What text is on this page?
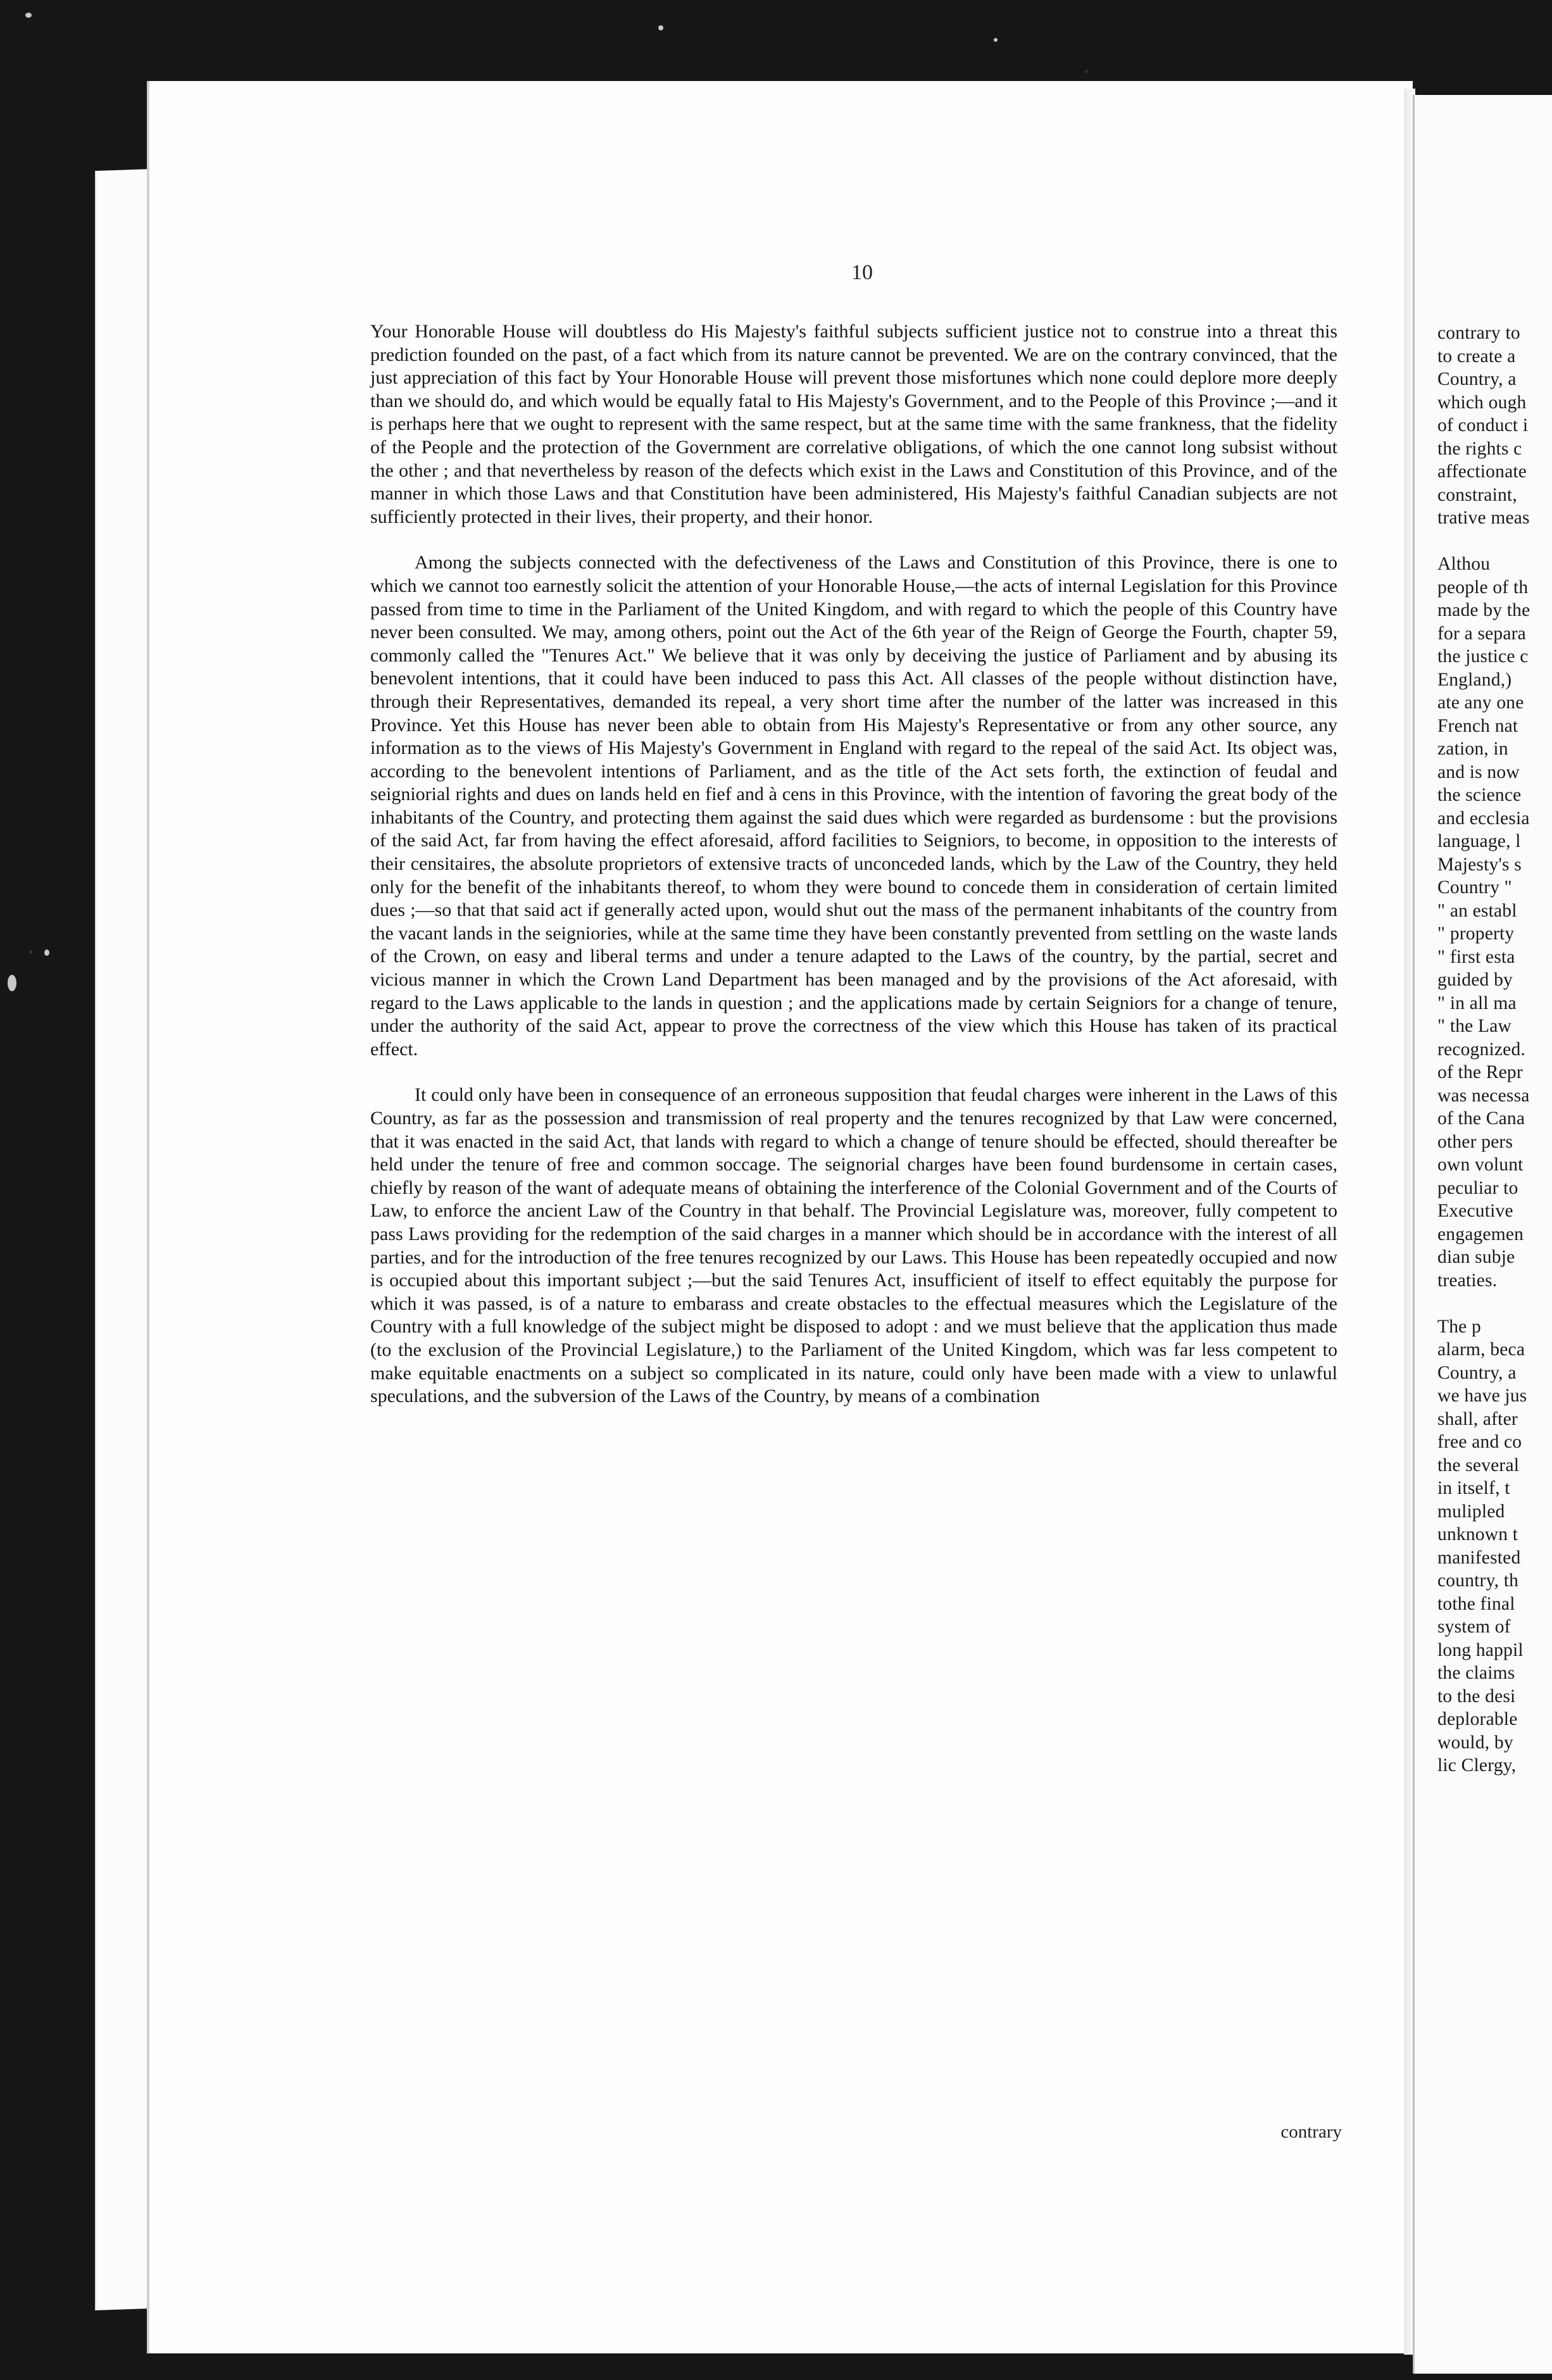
contrary to
to create a
Country, a
which ough
of conduct i
the rights c
affectionate
constraint,
trative meas
Althou
people of th
made by the
for a separa
the justice c
England,)
ate any one
French nat
zation, in
and is now
the science
and ecclesia
language, l
Majesty's s
Country "
" an establ
" property
" first esta
guided by
" in all ma
" the Law
recognized.
of the Repr
was necessa
of the Cana
other pers
own volunt
peculiar to
Executive
engagemen
dian subje
treaties.
The p
alarm, beca
Country, a
we have jus
shall, after
free and co
the several
in itself, t
mulipled
unknown t
manifested
country, th
tothe final
system of
long happil
the claims
to the desi
deplorable
would, by
lic Clergy,
10

Your Honorable House will doubtless do His Majesty's faithful subjects sufficient justice not to construe into a threat this prediction founded on the past, of a fact which from its nature cannot be prevented. We are on the contrary convinced, that the just appreciation of this fact by Your Honorable House will prevent those misfortunes which none could deplore more deeply than we should do, and which would be equally fatal to His Majesty's Government, and to the People of this Province ;—and it is perhaps here that we ought to represent with the same respect, but at the same time with the same frankness, that the fidelity of the People and the protection of the Government are correlative obligations, of which the one cannot long subsist without the other ; and that nevertheless by reason of the defects which exist in the Laws and Constitution of this Province, and of the manner in which those Laws and that Constitution have been administered, His Majesty's faithful Canadian subjects are not sufficiently protected in their lives, their property, and their honor.

Among the subjects connected with the defectiveness of the Laws and Constitution of this Province, there is one to which we cannot too earnestly solicit the attention of your Honorable House,—the acts of internal Legislation for this Province passed from time to time in the Parliament of the United Kingdom, and with regard to which the people of this Country have never been consulted. We may, among others, point out the Act of the 6th year of the Reign of George the Fourth, chapter 59, commonly called the "Tenures Act." We believe that it was only by deceiving the justice of Parliament and by abusing its benevolent intentions, that it could have been induced to pass this Act. All classes of the people without distinction have, through their Representatives, demanded its repeal, a very short time after the number of the latter was increased in this Province. Yet this House has never been able to obtain from His Majesty's Representative or from any other source, any information as to the views of His Majesty's Government in England with regard to the repeal of the said Act. Its object was, according to the benevolent intentions of Parliament, and as the title of the Act sets forth, the extinction of feudal and seigniorial rights and dues on lands held en fief and à cens in this Province, with the intention of favoring the great body of the inhabitants of the Country, and protecting them against the said dues which were regarded as burdensome : but the provisions of the said Act, far from having the effect aforesaid, afford facilities to Seigniors, to become, in opposition to the interests of their censitaires, the absolute proprietors of extensive tracts of unconceded lands, which by the Law of the Country, they held only for the benefit of the inhabitants thereof, to whom they were bound to concede them in consideration of certain limited dues ;—so that that said act if generally acted upon, would shut out the mass of the permanent inhabitants of the country from the vacant lands in the seigniories, while at the same time they have been constantly prevented from settling on the waste lands of the Crown, on easy and liberal terms and under a tenure adapted to the Laws of the country, by the partial, secret and vicious manner in which the Crown Land Department has been managed and by the provisions of the Act aforesaid, with regard to the Laws applicable to the lands in question ; and the applications made by certain Seigniors for a change of tenure, under the authority of the said Act, appear to prove the correctness of the view which this House has taken of its practical effect.

It could only have been in consequence of an erroneous supposition that feudal charges were inherent in the Laws of this Country, as far as the possession and transmission of real property and the tenures recognized by that Law were concerned, that it was enacted in the said Act, that lands with regard to which a change of tenure should be effected, should thereafter be held under the tenure of free and common soccage. The seignorial charges have been found burdensome in certain cases, chiefly by reason of the want of adequate means of obtaining the interference of the Colonial Government and of the Courts of Law, to enforce the ancient Law of the Country in that behalf. The Provincial Legislature was, moreover, fully competent to pass Laws providing for the redemption of the said charges in a manner which should be in accordance with the interest of all parties, and for the introduction of the free tenures recognized by our Laws. This House has been repeatedly occupied and now is occupied about this important subject ;—but the said Tenures Act, insufficient of itself to effect equitably the purpose for which it was passed, is of a nature to embarass and create obstacles to the effectual measures which the Legislature of the Country with a full knowledge of the subject might be disposed to adopt : and we must believe that the application thus made (to the exclusion of the Provincial Legislature,) to the Parliament of the United Kingdom, which was far less competent to make equitable enactments on a subject so complicated in its nature, could only have been made with a view to unlawful speculations, and the subversion of the Laws of the Country, by means of a combination

contrary
